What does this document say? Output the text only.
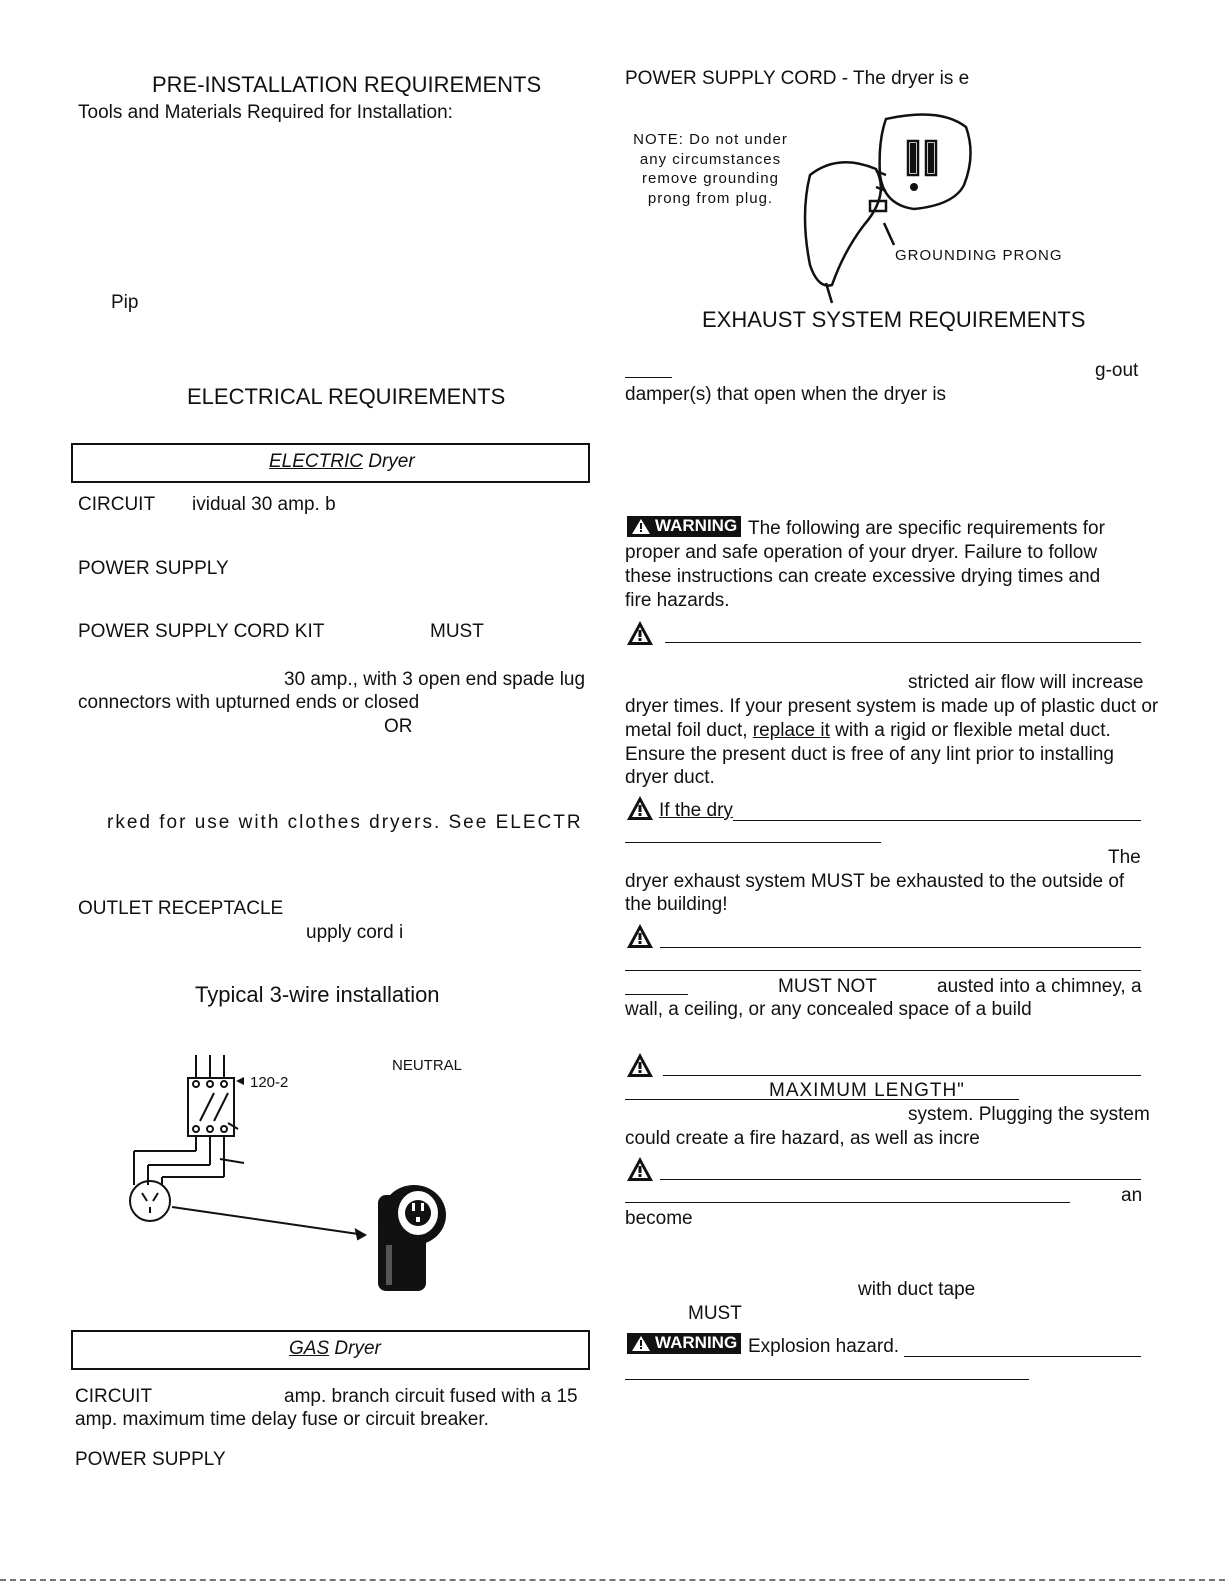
PRE-INSTALLATION REQUIREMENTS
Tools and Materials Required for Installation:
Pip
ELECTRICAL REQUIREMENTS
ELECTRIC Dryer
CIRCUIT ividual 30 amp. b
POWER SUPPLY
POWER SUPPLY CORD KIT	MUST
30 amp., with 3 open end spade lug
connectors with upturned ends or closed
OR
rked for use with clothes dryers. See ELECTR
OUTLET RECEPTACLE
upply cord i
Typical 3-wire installation
NEUTRAL
120-2
GAS Dryer
CIRCUIT	amp. branch circuit fused with a 15
amp. maximum time delay fuse or circuit breaker.
POWER SUPPLY
POWER SUPPLY CORD - The dryer is e
NOTE: Do not under
any circumstances
remove grounding
prong from plug.
GROUNDING PRONG
EXHAUST SYSTEM REQUIREMENTS
g-out
damper(s) that open when the dryer is
WARNING The following are specific requirements for
proper and safe operation of your dryer. Failure to follow
these instructions can create excessive drying times and
fire hazards.
stricted air flow will increase
dryer times. If your present system is made up of plastic duct or
metal foil duct, replace it with a rigid or flexible metal duct.
Ensure the present duct is free of any lint prior to installing
dryer duct.
If the dry
The
dryer exhaust system MUST be exhausted to the outside of
the building!
MUST NOT	austed into a chimney, a
wall, a ceiling, or any concealed space of a build
MAXIMUM LENGTH"
system. Plugging the system
could create a fire hazard, as well as incre
an
become
with duct tape
MUST
WARNING Explosion hazard.
